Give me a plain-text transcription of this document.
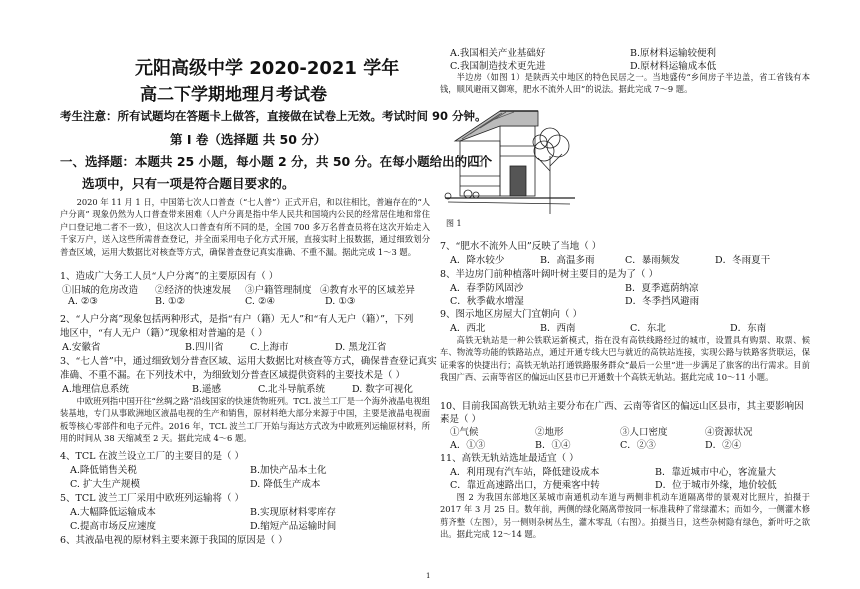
元阳高级中学 2020-2021 学年
高二下学期地理月考试卷
考生注意：所有试题均在答题卡上做答，直接做在试卷上无效。考试时间 90 分钟。
第 I 卷（选择题 共 50 分）
一、选择题：本题共 25 小题，每小题 2 分，共 50 分。在每小题给出的四个
选项中，只有一项是符合题目要求的。
2020 年 11 月 1 日，中国第七次人口普查（“七人普”）正式开启，和以往相比，普遍存在的“人户分离” 现象仍然为人口普查带来困难（人户分离是指中华人民共和国境内公民的经常居住地和常住户口登记地二者不一致），但这次人口普查有所不同的是，全国 700 多万名普查员将在这次开始走入千家万户，送入这些所需普查登记，并全面采用电子化方式开展，直接实时上报数据，通过细致划分普查区域，运用大数据比对核查等方式，确保普查登记真实准确、不重不漏。据此完成 1～3 题。
1、造成广大务工人员“人户分离”的主要原因有（ ）
①旧城的危房改造 ②经济的快速发展 ③户籍管理制度 ④教育水平的区域差异
A. ②③	B. ①②	C. ②④	D. ①③
2、“人户分离”现象包括两种形式，是指“有户（籍）无人”和“有人无户（籍）”，下列
地区中，“有人无户（籍）”现象相对普遍的是（ ）
A.安徽省	B.四川省	C.上海市	D. 黑龙江省
3、“七人普”中，通过细致划分普查区域、运用大数据比对核查等方式，确保普查登记真实
准确、不重不漏。在下列技术中，为细致划分普查区域提供资料的主要技术是（ ）
A.地理信息系统	B.遥感	C.北斗导航系统	D. 数字可视化
中欧班列指中国开往“丝绸之路”沿线国家的快速货物班列。TCL 波兰工厂是一个海外液晶电视组装基地，专门从事欧洲地区液晶电视的生产和销售，原材料绝大部分来源于中国，主要是液晶电视面板等核心零部件和电子元件。2016 年，TCL 波兰工厂开始与海达方式改为中欧班列运输原材料，所用的时间从 38 天缩减至 2 天。据此完成 4～6 题。
4、TCL 在波兰设立工厂的主要目的是（ ）
A.降低销售关税	B.加快产品本土化
C. 扩大生产规模	D. 降低生产成本
5、TCL 波兰工厂采用中欧班列运输将（ ）
A.大幅降低运输成本	B.实现原材料零库存
C.提高市场反应速度	D.缩短产品运输时间
6、其液晶电视的原材料主要来源于我国的原因是（ ）
A.我国相关产业基础好	B.原材料运输较便利
C.我国制造技术更先进	D.原材料运输成本低
半边房（如图 1）是陕西关中地区的特色民居之一。当地盛传“乡间房子半边盖，省工省钱有本钱，顺风避雨又御寒，肥水不流外人田”的说法。据此完成 7～9 题。
图 1
7、“肥水不流外人田”反映了当地（ ）
A．降水较少	B．高温多雨	C．暴雨频发	D．冬雨夏干
8、半边房门前种植落叶阔叶树主要目的是为了（ ）
A．春季防风固沙	B．夏季遮荫纳凉
C．秋季截水增湿	D．冬季挡风避雨
9、图示地区房屋大门宜朝向（ ）
A．西北	B．西南	C．东北	D．东南
高铁无轨站是一种公铁联运新模式，指在没有高铁线路经过的城市，设置具有购票、取票、候车、物流等功能的铁路站点，通过开通专线大巴与就近的高铁站连接，实现公路与铁路客货联运，保证乘客的快捷出行；高铁无轨站打通铁路服务群众“最后一公里”进一步满足了旅客的出行需求。目前我国广西、云南等省区的偏远山区县市已开通数十个高铁无轨站。据此完成 10～11 小题。
10、目前我国高铁无轨站主要分布在广西、云南等省区的偏远山区县市，其主要影响因
素是（ ）
①气候	②地形	③人口密度	④资源状况
A．①③	B．①④	C．②③	D．②④
11、高铁无轨站选址最适宜（ ）
A．利用现有汽车站，降低建设成本	B．靠近城市中心，客流量大
C．靠近高速路出口，方便乘客中转	D．位于城市外缘，地价较低
图 2 为我国东部地区某城市南通机动车道与两侧非机动车道隔离带的景观对比照片，拍摄于 2017 年 3 月 25 日。数年前，两侧的绿化隔离带按同一标准栽种了常绿灌木；而如今，一侧灌木修剪齐整（左图），另一侧则杂树丛生，灌木零乱（右图）。拍摄当日，这些杂树隐有绿色，新叶吁之欲出。据此完成 12～14 题。
1
